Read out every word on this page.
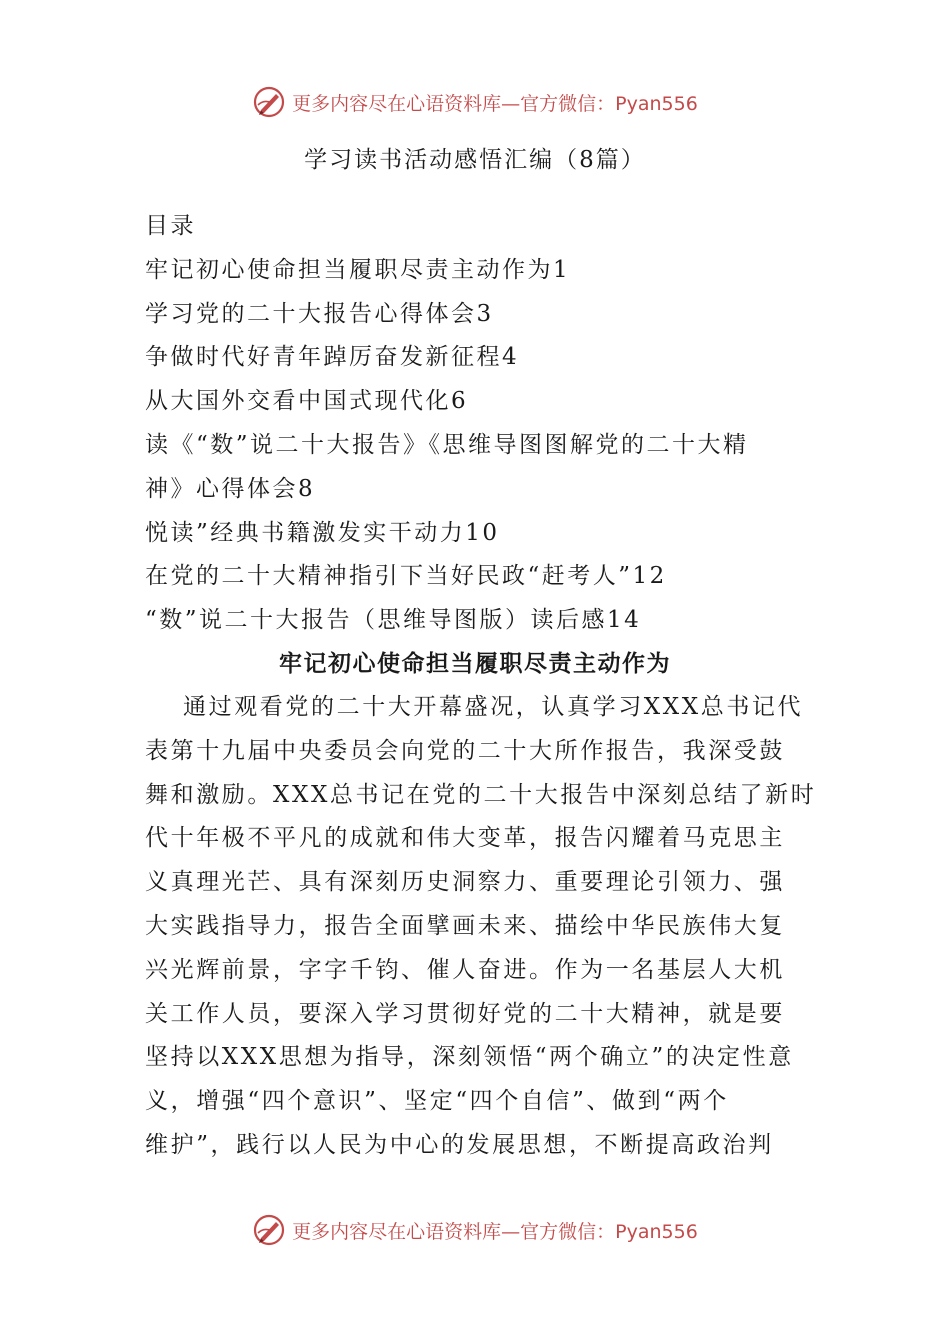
更多内容尽在心语资料库—官方微信：Pyan556
学习读书活动感悟汇编（8篇）
目录
牢记初心使命担当履职尽责主动作为1
学习党的二十大报告心得体会3
争做时代好青年踔厉奋发新征程4
从大国外交看中国式现代化6
读《“数”说二十大报告》《思维导图图解党的二十大精
神》心得体会8
悦读”经典书籍激发实干动力10
在党的二十大精神指引下当好民政“赶考人”12
“数”说二十大报告（思维导图版）读后感14
牢记初心使命担当履职尽责主动作为
通过观看党的二十大开幕盛况，认真学习XXX总书记代
表第十九届中央委员会向党的二十大所作报告，我深受鼓
舞和激励。XXX总书记在党的二十大报告中深刻总结了新时
代十年极不平凡的成就和伟大变革，报告闪耀着马克思主
义真理光芒、具有深刻历史洞察力、重要理论引领力、强
大实践指导力，报告全面擘画未来、描绘中华民族伟大复
兴光辉前景，字字千钧、催人奋进。作为一名基层人大机
关工作人员，要深入学习贯彻好党的二十大精神，就是要
坚持以XXX思想为指导，深刻领悟“两个确立”的决定性意
义，增强“四个意识”、坚定“四个自信”、做到“两个
维护”，践行以人民为中心的发展思想，不断提高政治判
更多内容尽在心语资料库—官方微信：Pyan556
